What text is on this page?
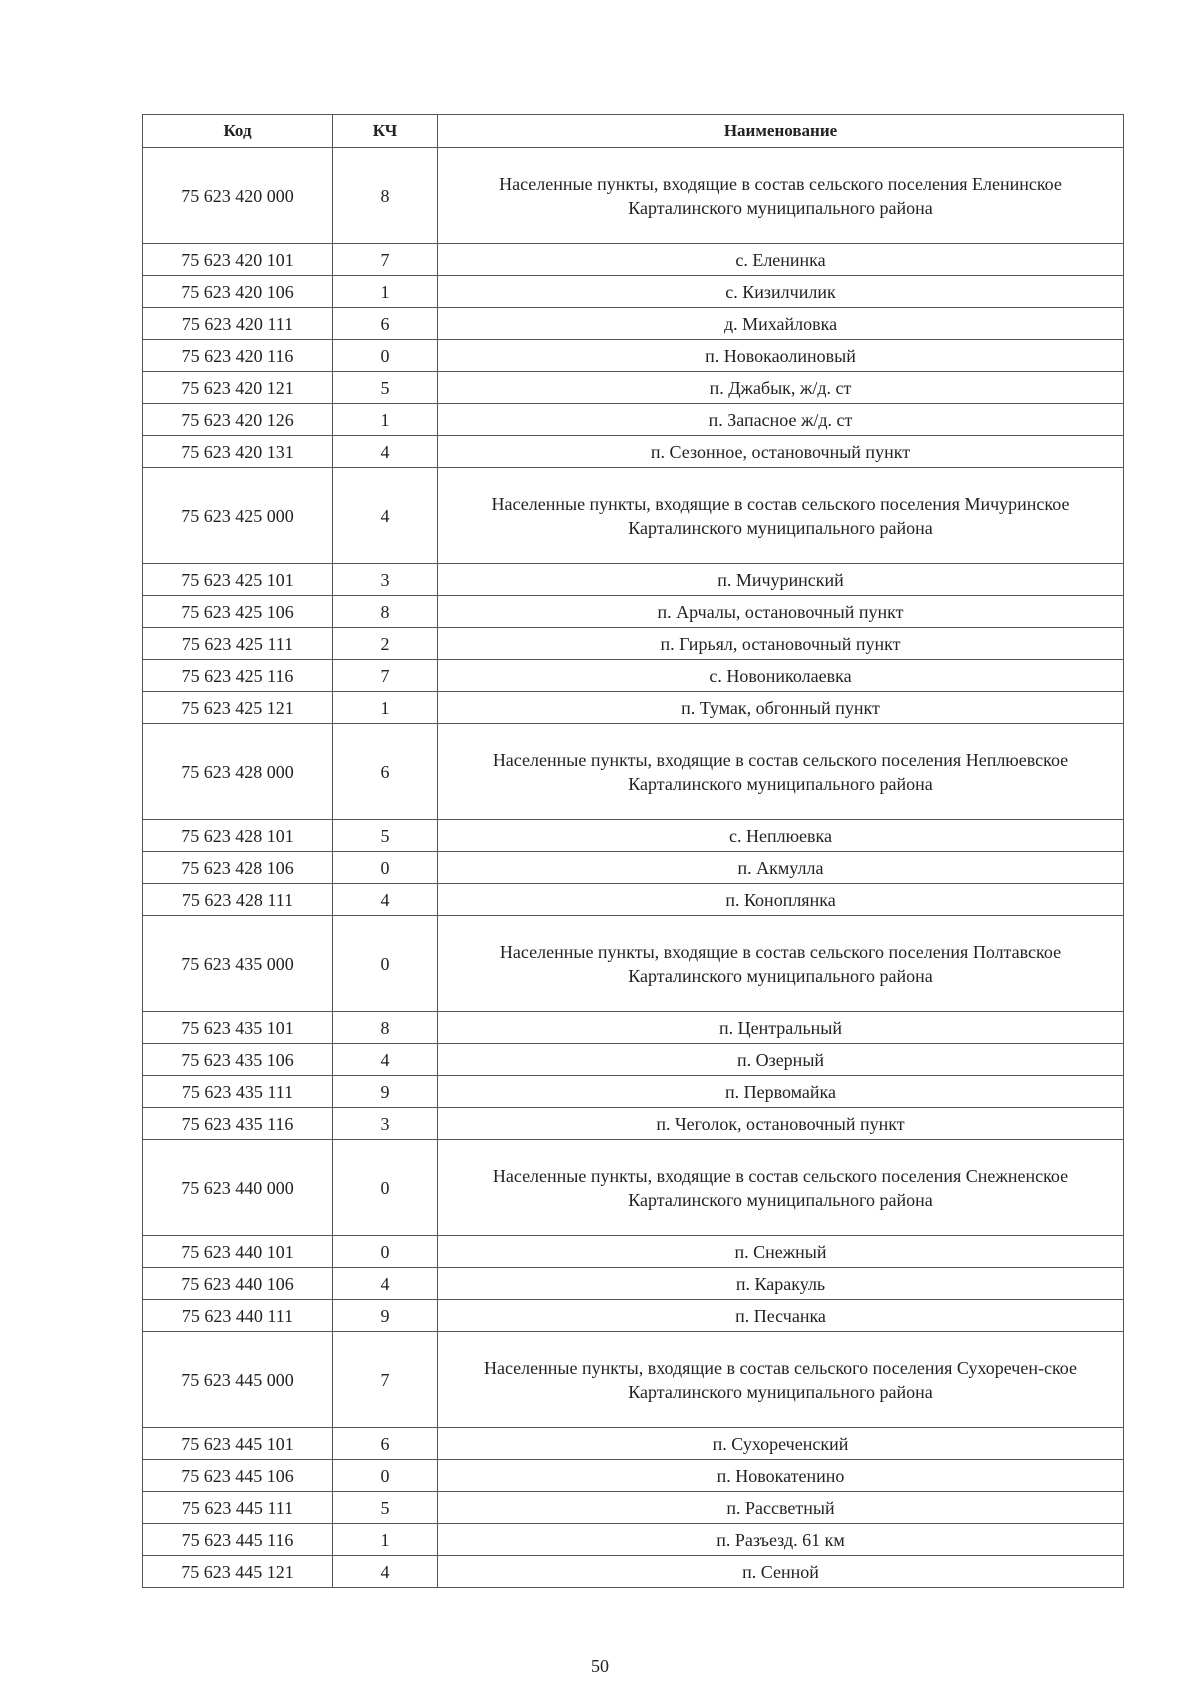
Код	КЧ	Наименование
75 623 420 000	8	Населенные пункты, входящие в состав сельского поселения Еленинское Карталинского муниципального района
75 623 420 101	7	с. Еленинка
75 623 420 106	1	с. Кизилчилик
75 623 420 111	6	д. Михайловка
75 623 420 116	0	п. Новокаолиновый
75 623 420 121	5	п. Джабык, ж/д. ст
75 623 420 126	1	п. Запасное ж/д. ст
75 623 420 131	4	п. Сезонное, остановочный пункт
75 623 425 000	4	Населенные пункты, входящие в состав сельского поселения Мичуринское Карталинского муниципального района
75 623 425 101	3	п. Мичуринский
75 623 425 106	8	п. Арчалы, остановочный пункт
75 623 425 111	2	п. Гирьял, остановочный пункт
75 623 425 116	7	с. Новониколаевка
75 623 425 121	1	п. Тумак, обгонный пункт
75 623 428 000	6	Населенные пункты, входящие в состав сельского поселения Неплюевское Карталинского муниципального района
75 623 428 101	5	с. Неплюевка
75 623 428 106	0	п. Акмулла
75 623 428 111	4	п. Коноплянка
75 623 435 000	0	Населенные пункты, входящие в состав сельского поселения Полтавское Карталинского муниципального района
75 623 435 101	8	п. Центральный
75 623 435 106	4	п. Озерный
75 623 435 111	9	п. Первомайка
75 623 435 116	3	п. Чеголок, остановочный пункт
75 623 440 000	0	Населенные пункты, входящие в состав сельского поселения Снежненское Карталинского муниципального района
75 623 440 101	0	п. Снежный
75 623 440 106	4	п. Каракуль
75 623 440 111	9	п. Песчанка
75 623 445 000	7	Населенные пункты, входящие в состав сельского поселения Сухоречен-ское Карталинского муниципального района
75 623 445 101	6	п. Сухореченский
75 623 445 106	0	п. Новокатенино
75 623 445 111	5	п. Рассветный
75 623 445 116	1	п. Разъезд. 61 км
75 623 445 121	4	п. Сенной
50
